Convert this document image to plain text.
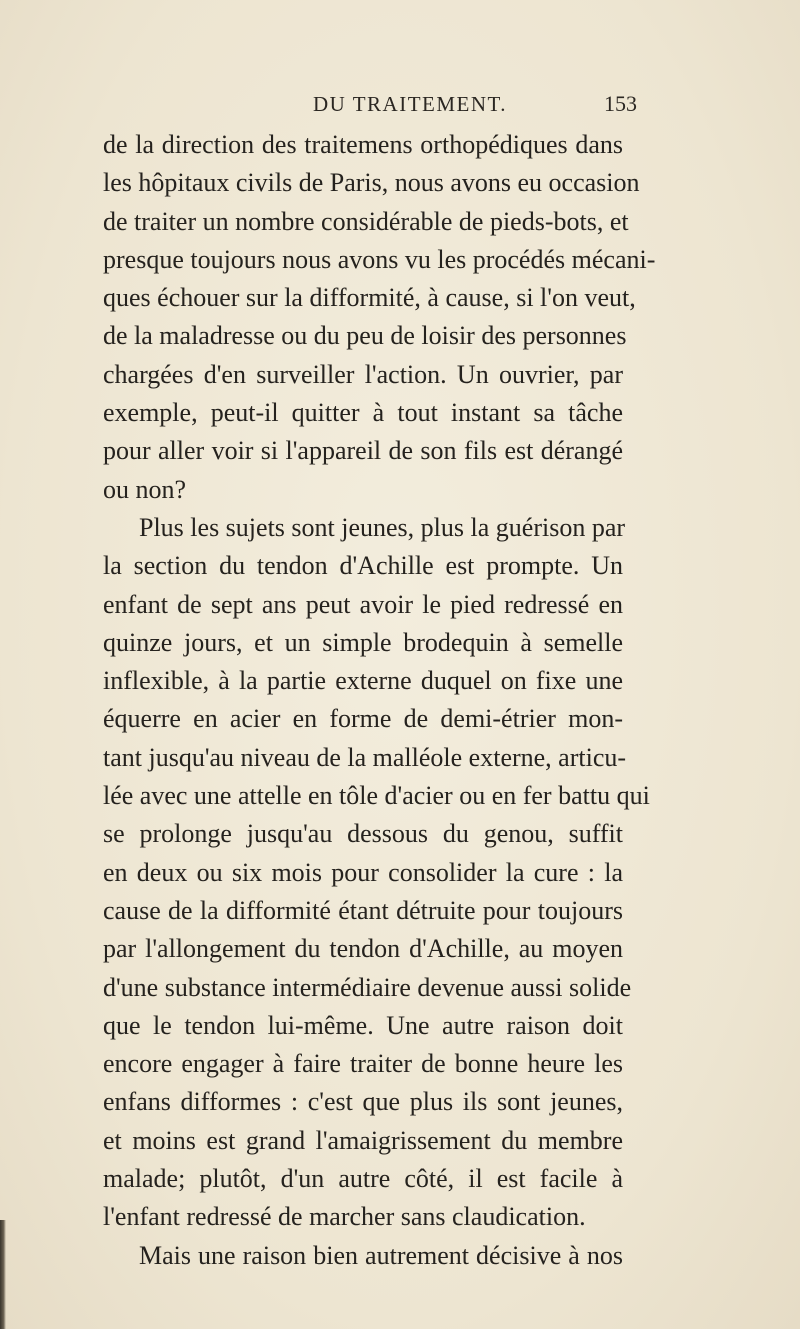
DU TRAITEMENT.	153
de la direction des traitemens orthopédiques dans
les hôpitaux civils de Paris, nous avons eu occasion
de traiter un nombre considérable de pieds-bots, et
presque toujours nous avons vu les procédés mécani-
ques échouer sur la difformité, à cause, si l'on veut,
de la maladresse ou du peu de loisir des personnes
chargées d'en surveiller l'action. Un ouvrier, par
exemple, peut-il quitter à tout instant sa tâche
pour aller voir si l'appareil de son fils est dérangé
ou non?
Plus les sujets sont jeunes, plus la guérison par
la section du tendon d'Achille est prompte. Un
enfant de sept ans peut avoir le pied redressé en
quinze jours, et un simple brodequin à semelle
inflexible, à la partie externe duquel on fixe une
équerre en acier en forme de demi-étrier mon-
tant jusqu'au niveau de la malléole externe, articu-
lée avec une attelle en tôle d'acier ou en fer battu qui
se prolonge jusqu'au dessous du genou, suffit
en deux ou six mois pour consolider la cure : la
cause de la difformité étant détruite pour toujours
par l'allongement du tendon d'Achille, au moyen
d'une substance intermédiaire devenue aussi solide
que le tendon lui-même. Une autre raison doit
encore engager à faire traiter de bonne heure les
enfans difformes : c'est que plus ils sont jeunes,
et moins est grand l'amaigrissement du membre
malade; plutôt, d'un autre côté, il est facile à
l'enfant redressé de marcher sans claudication.
Mais une raison bien autrement décisive à nos
